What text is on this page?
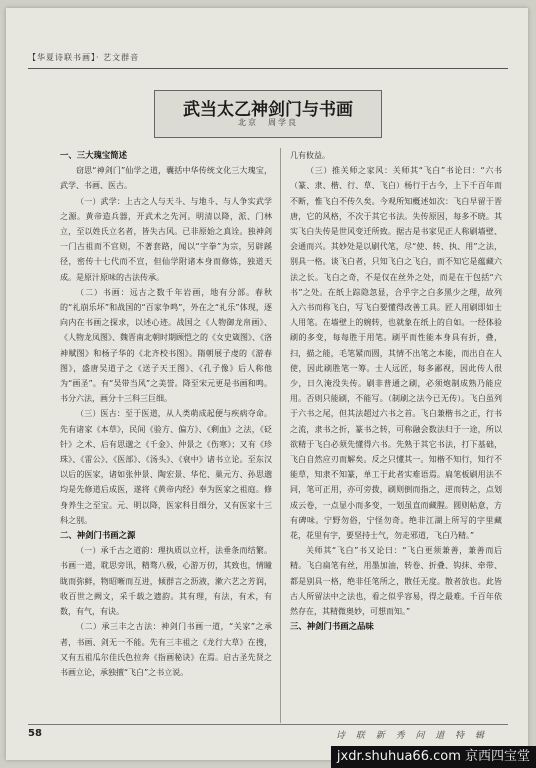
【华夏诗联书画】· 艺文群音
武当太乙神剑门与书画
北京　周学良
一、三大瑰宝简述

窃思“神剑门”仙学之道，囊括中华传统文化三大瑰宝，武学、书画、医古。

（一）武学：上古之人与天斗、与地斗、与人争实武学之源。黄帝造兵器，开武术之先河。明清以降，派、门林立，至以姓氏立名者，皆失古风。已非原始之真诠。独神剑一门古祖而不官则，不著套路，闻以“字拳”为宗，另辟蹊径，密传十七代而不宣，但仙学附诸本身而修炼，独道天成。是原汁原味的古法传承。

（二）书画：远古之数千年岩画，地有分部。春秋的“礼崩乐坏”和战国的“百家争鸣”，外在之“礼乐”体现，逐向内在书画之探求，以述心迹。战国之《人物御龙帛画》、《人物龙凤图》、魏晋南北朝时期顾恺之的《女史箴图》、《洛神赋图》和杨子华的《北齐校书图》。隋朝展子虔的《游春图》，盛唐吴道子之《送子天王图》、《孔子像》后人称他为“画圣”。有“吴带当风”之美誉。降至宋元更是书画和鸣。书分六法，画分十三科三巨细。

（三）医古：至于医道，从人类萌成起便与疾病夺命。先有诸家《本草》，民间《验方、偏方》、《剩血》之法，《砭针》之术、后有思邈之《千金》、仲景之《伤寒》；又有《珍珠》、《雷公》、《医部》、《汤头》、《衰中》诸书立论。至东汉以后的医家，诸如张仲景、陶宏景、华佗、巢元方、孙思邈均是先修道后成医，遂将《黄帝内经》奉为医家之祖庭。修身养生之至宝。元、明以降，医家科目细分，又有医家十三科之别。

二、神剑门书画之源

（一）承千古之道韵：理执质以立杆，法垂条而结繁。书画一道，耽思旁讯，精骛八极，心游万仞，其致也，情瞳眬而弥鲜，物昭晰而互进，倾群言之沥液，漱六艺之芳润，收百世之阙文，采千载之遗韵。其有理，有法，有术，有数，有气，有诀。

（二）承三丰之古法：神剑门书画一道，“关家”之承者，书画、剑无一不能。先有三丰祖之《龙行大草》在搜，又有五祖瓜尔佳氏色拉奔《指画秘诀》在焉。启古圣先贤之书画立论，承独擅“飞白”之书立说。

几有攸益。

（三）推关师之家风：关师其“飞白”书论曰：“六书（篆、隶、楷、行、草、飞白）杨行于古今，上下千百年而不断，惟飞白不传久矣。今观所知概述如次：飞白早留于晋唐，它的风格，不次于其它书法。失传原因，每多不晓。其实飞白失传是世风变迁所致。据古是书家见正人称刷墙壁、会通而兴。其妙处是以刷代笔，尽“使、转、执、用”之法，别具一格。谈飞白者，只知飞白之飞白，而不知它是蕴藏六法之长。飞白之奇，不是仅在丝外之处，而是在于包括“六书”之处。在纸上踪隐忽显，合乎字之白多黑少之理，故列入六书而称飞白，写飞白要懂得改善工具。匠人用刷即如士人用笔。在墙壁上的婉转，也就象在纸上的自如。一经体验刷的多变，每每胜于用笔。刷平而性能本身具有折，叠，扫，描之能，毛笔紧而圆，其情不出笔之本能，而出自在人使，因此刷胜笔一筹。士人远匠，每多鄙视，因此传人很少，日久淹没失传。刷非普通之刷，必须炮制成熟乃能应用。否则只能刷，不能写。（制刷之法今已无传）。飞白虽列于六书之尾，但其法超过六书之首。飞白兼楷书之正，行书之流，隶书之折，篆书之转，可称融会数法归于一途，所以欲精于飞白必须先懂得六书。先熟于其它书法，打下基础，飞白自然应刃而解矣。反之只懂其一。知楷不知行，知行不能草，知隶不知篆，单工于此者实难语焉。扁笔板刷用法不同，笔可正用，亦可旁拨，刷则倒而指之，逆而转之，点划成云卷，一点显小而多变，一划虽直而藏腥。圆则帖意，方有碑味。宁野勿俗，宁怪勿奇。绝非江湖上所写的字里藏花，花里有字，要坚持士气，勿走邪道，飞白乃精。”

关师其“飞白”书又论曰：“飞白更须兼善，兼善而后精。飞白扁笔有丝，用墨加油，转卷、折叠、钩抹、牵带、都是别具一格，绝非任笔所之，散任无度。散者放也。此皆古人所留法中之法也，看之似乎容易，得之最难。千百年依然存在，其精微奥妙，可想而知。”

三、神剑门书画之品味
58	诗 联 新 秀 问 道 特 辑
jxdr.shuhua66.com 京西四宝堂
